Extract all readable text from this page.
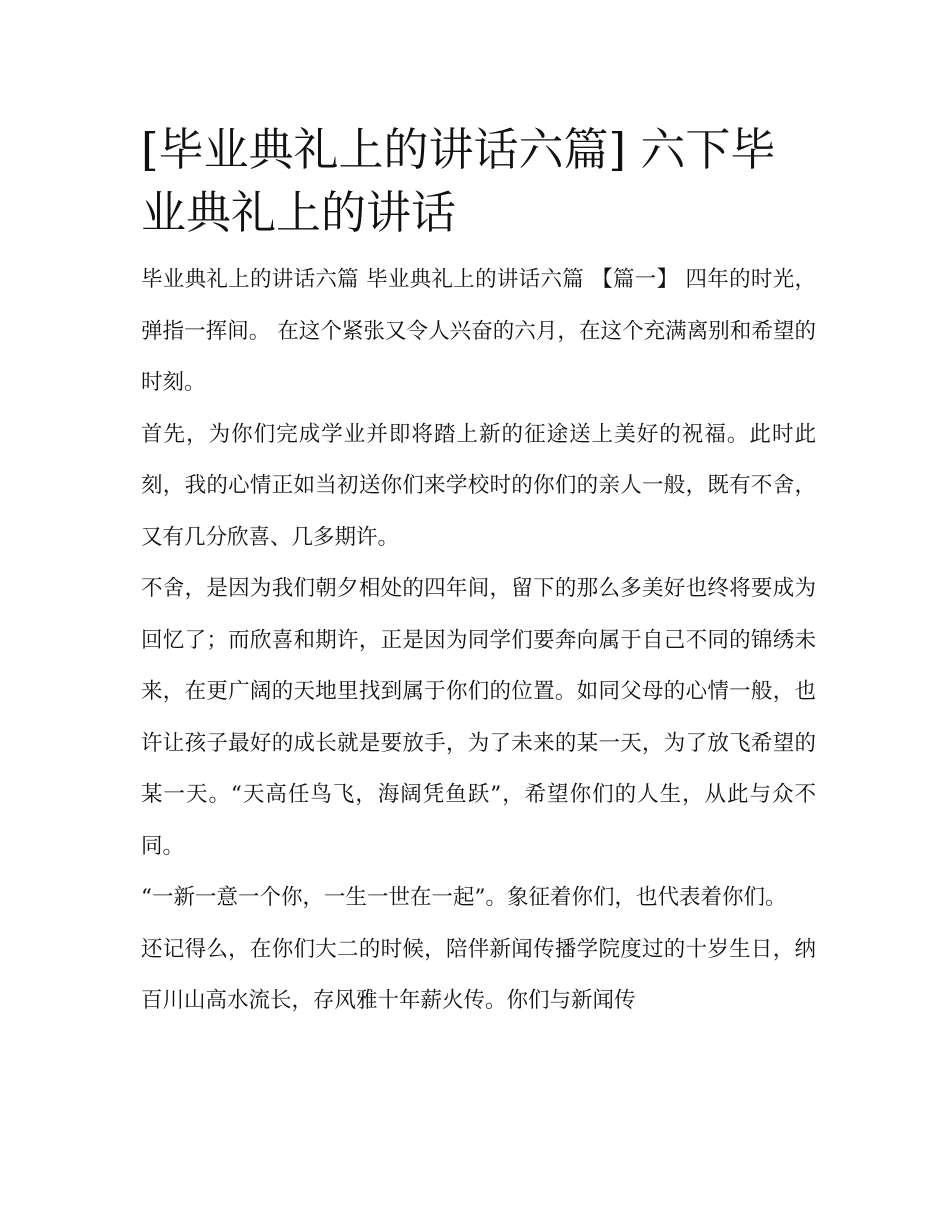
[毕业典礼上的讲话六篇] 六下毕业典礼上的讲话

毕业典礼上的讲话六篇 毕业典礼上的讲话六篇 【篇一】 四年的时光，弹指一挥间。 在这个紧张又令人兴奋的六月，在这个充满离别和希望的时刻。

首先，为你们完成学业并即将踏上新的征途送上美好的祝福。此时此刻，我的心情正如当初送你们来学校时的你们的亲人一般，既有不舍，又有几分欣喜、几多期许。

不舍，是因为我们朝夕相处的四年间，留下的那么多美好也终将要成为回忆了；而欣喜和期许，正是因为同学们要奔向属于自己不同的锦绣未来，在更广阔的天地里找到属于你们的位置。如同父母的心情一般，也许让孩子最好的成长就是要放手，为了未来的某一天，为了放飞希望的某一天。“天高任鸟飞，海阔凭鱼跃”，希望你们的人生，从此与众不同。

“一新一意一个你，一生一世在一起”。象征着你们，也代表着你们。

还记得么，在你们大二的时候，陪伴新闻传播学院度过的十岁生日，纳百川山高水流长，存风雅十年薪火传。你们与新闻传
